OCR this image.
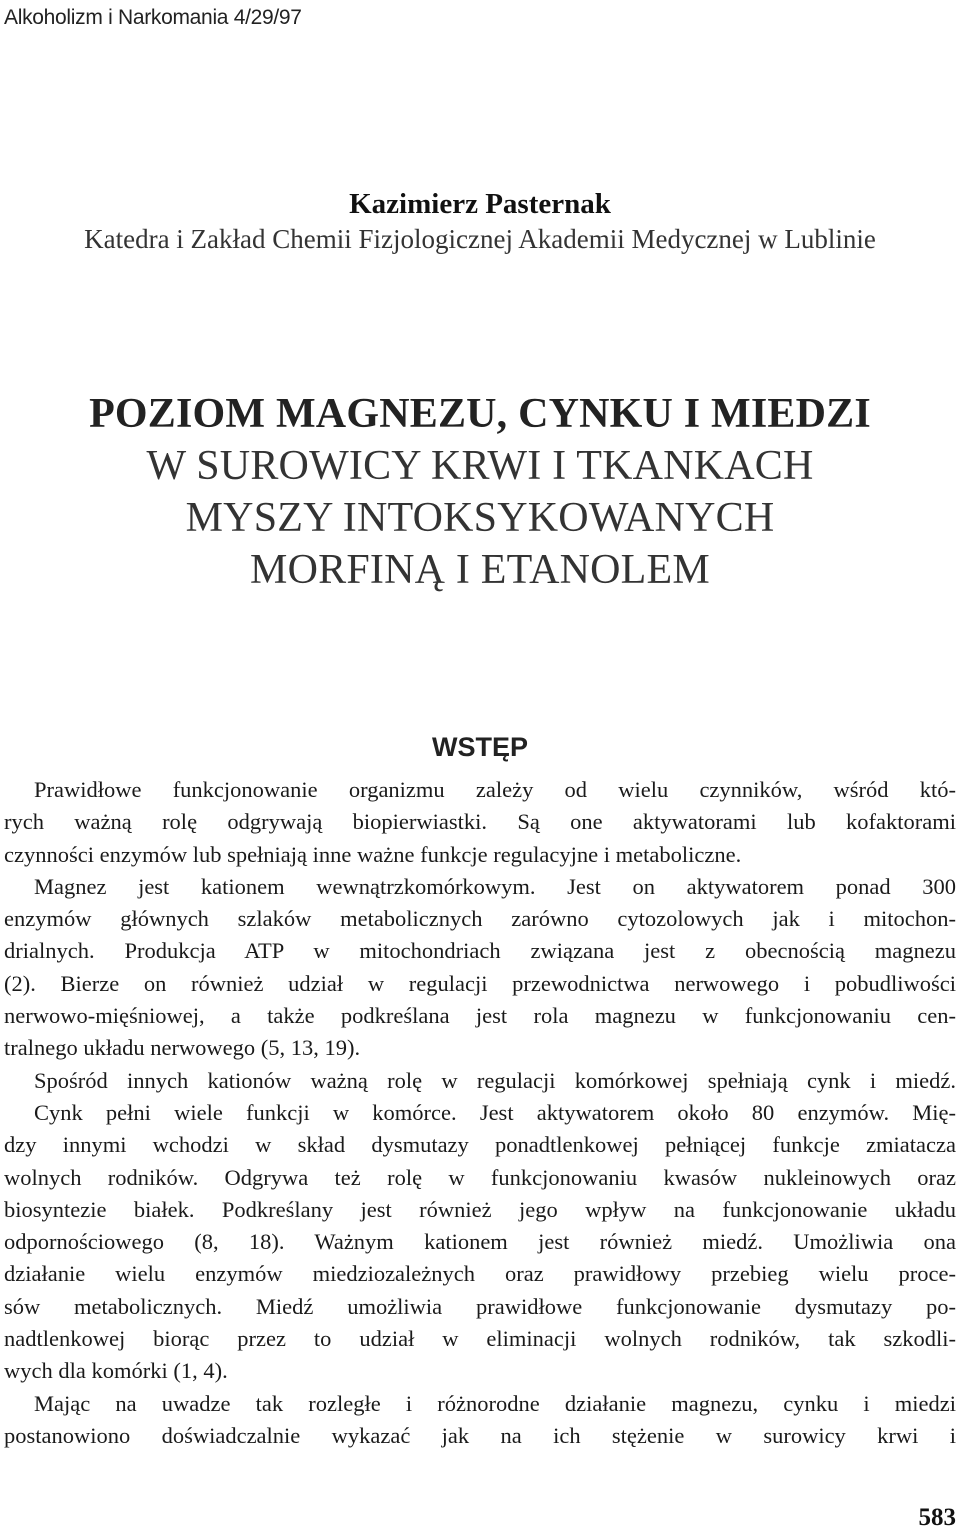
Alkoholizm i Narkomania 4/29/97
Kazimierz Pasternak
Katedra i Zakład Chemii Fizjologicznej Akademii Medycznej w Lublinie
POZIOM MAGNEZU, CYNKU I MIEDZI
W SUROWICY KRWI I TKANKACH
MYSZY INTOKSYKOWANYCH
MORFINĄ I ETANOLEM
WSTĘP
Prawidłowe funkcjonowanie organizmu zależy od wielu czynników, wśród któ-
rych ważną rolę odgrywają biopierwiastki. Są one aktywatorami lub kofaktorami
czynności enzymów lub spełniają inne ważne funkcje regulacyjne i metaboliczne.
Magnez jest kationem wewnątrzkomórkowym. Jest on aktywatorem ponad 300
enzymów głównych szlaków metabolicznych zarówno cytozolowych jak i mitochon-
drialnych. Produkcja ATP w mitochondriach związana jest z obecnością magnezu
(2). Bierze on również udział w regulacji przewodnictwa nerwowego i pobudliwości
nerwowo-mięśniowej, a także podkreślana jest rola magnezu w funkcjonowaniu cen-
tralnego układu nerwowego (5, 13, 19).
Spośród innych kationów ważną rolę w regulacji komórkowej spełniają cynk i miedź.
Cynk pełni wiele funkcji w komórce. Jest aktywatorem około 80 enzymów. Mię-
dzy innymi wchodzi w skład dysmutazy ponadtlenkowej pełniącej funkcje zmiatacza
wolnych rodników. Odgrywa też rolę w funkcjonowaniu kwasów nukleinowych oraz
biosyntezie białek. Podkreślany jest również jego wpływ na funkcjonowanie układu
odpornościowego (8, 18). Ważnym kationem jest również miedź. Umożliwia ona
działanie wielu enzymów miedziozależnych oraz prawidłowy przebieg wielu proce-
sów metabolicznych. Miedź umożliwia prawidłowe funkcjonowanie dysmutazy po-
nadtlenkowej biorąc przez to udział w eliminacji wolnych rodników, tak szkodli-
wych dla komórki (1, 4).
Mając na uwadze tak rozległe i różnorodne działanie magnezu, cynku i miedzi
postanowiono doświadczalnie wykazać jak na ich stężenie w surowicy krwi i
583
